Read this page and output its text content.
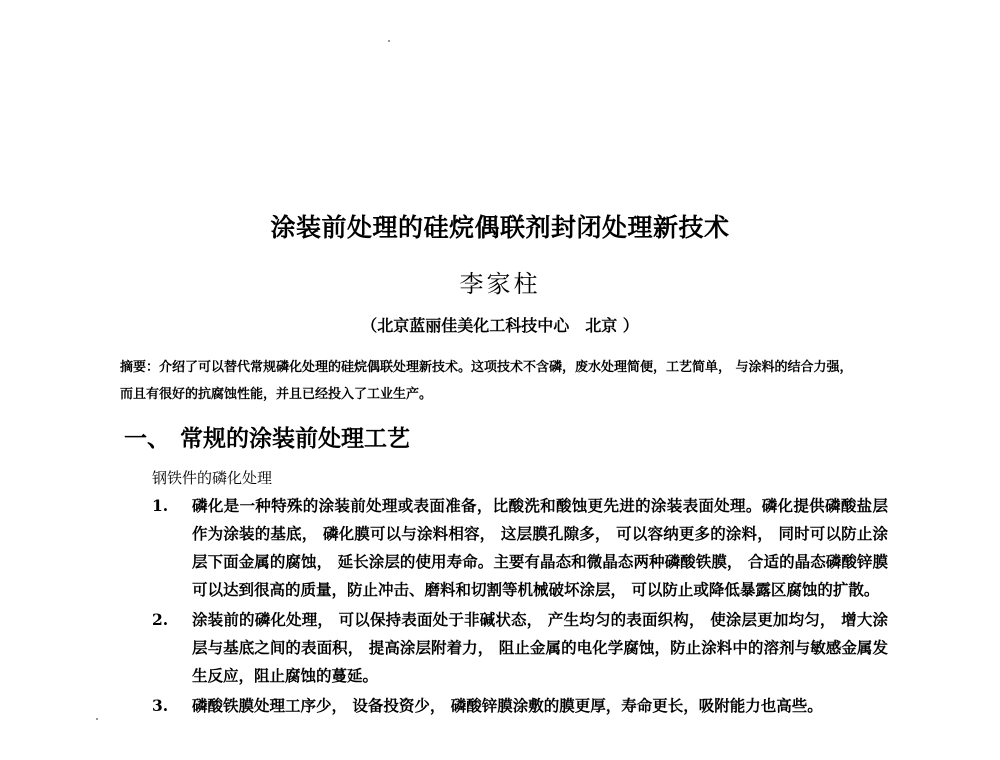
涂装前处理的硅烷偶联剂封闭处理新技术
李家柱
（北京蓝丽佳美化工科技中心　北京 ）
摘要：介绍了可以替代常规磷化处理的硅烷偶联处理新技术。这项技术不含磷，废水处理简便，工艺简单， 与涂料的结合力强，而且有很好的抗腐蚀性能，并且已经投入了工业生产。
一、 常规的涂装前处理工艺
钢铁件的磷化处理
1. 磷化是一种特殊的涂装前处理或表面准备，比酸洗和酸蚀更先进的涂装表面处理。磷化提供磷酸盐层作为涂装的基底， 磷化膜可以与涂料相容， 这层膜孔隙多， 可以容纳更多的涂料， 同时可以防止涂层下面金属的腐蚀， 延长涂层的使用寿命。主要有晶态和微晶态两种磷酸铁膜， 合适的晶态磷酸锌膜可以达到很高的质量，防止冲击、磨料和切割等机械破坏涂层， 可以防止或降低暴露区腐蚀的扩散。
2. 涂装前的磷化处理， 可以保持表面处于非碱状态， 产生均匀的表面织构， 使涂层更加均匀， 增大涂层与基底之间的表面积， 提高涂层附着力， 阻止金属的电化学腐蚀，防止涂料中的溶剂与敏感金属发生反应，阻止腐蚀的蔓延。
3. 磷酸铁膜处理工序少， 设备投资少， 磷酸锌膜涂敷的膜更厚，寿命更长，吸附能力也高些。
